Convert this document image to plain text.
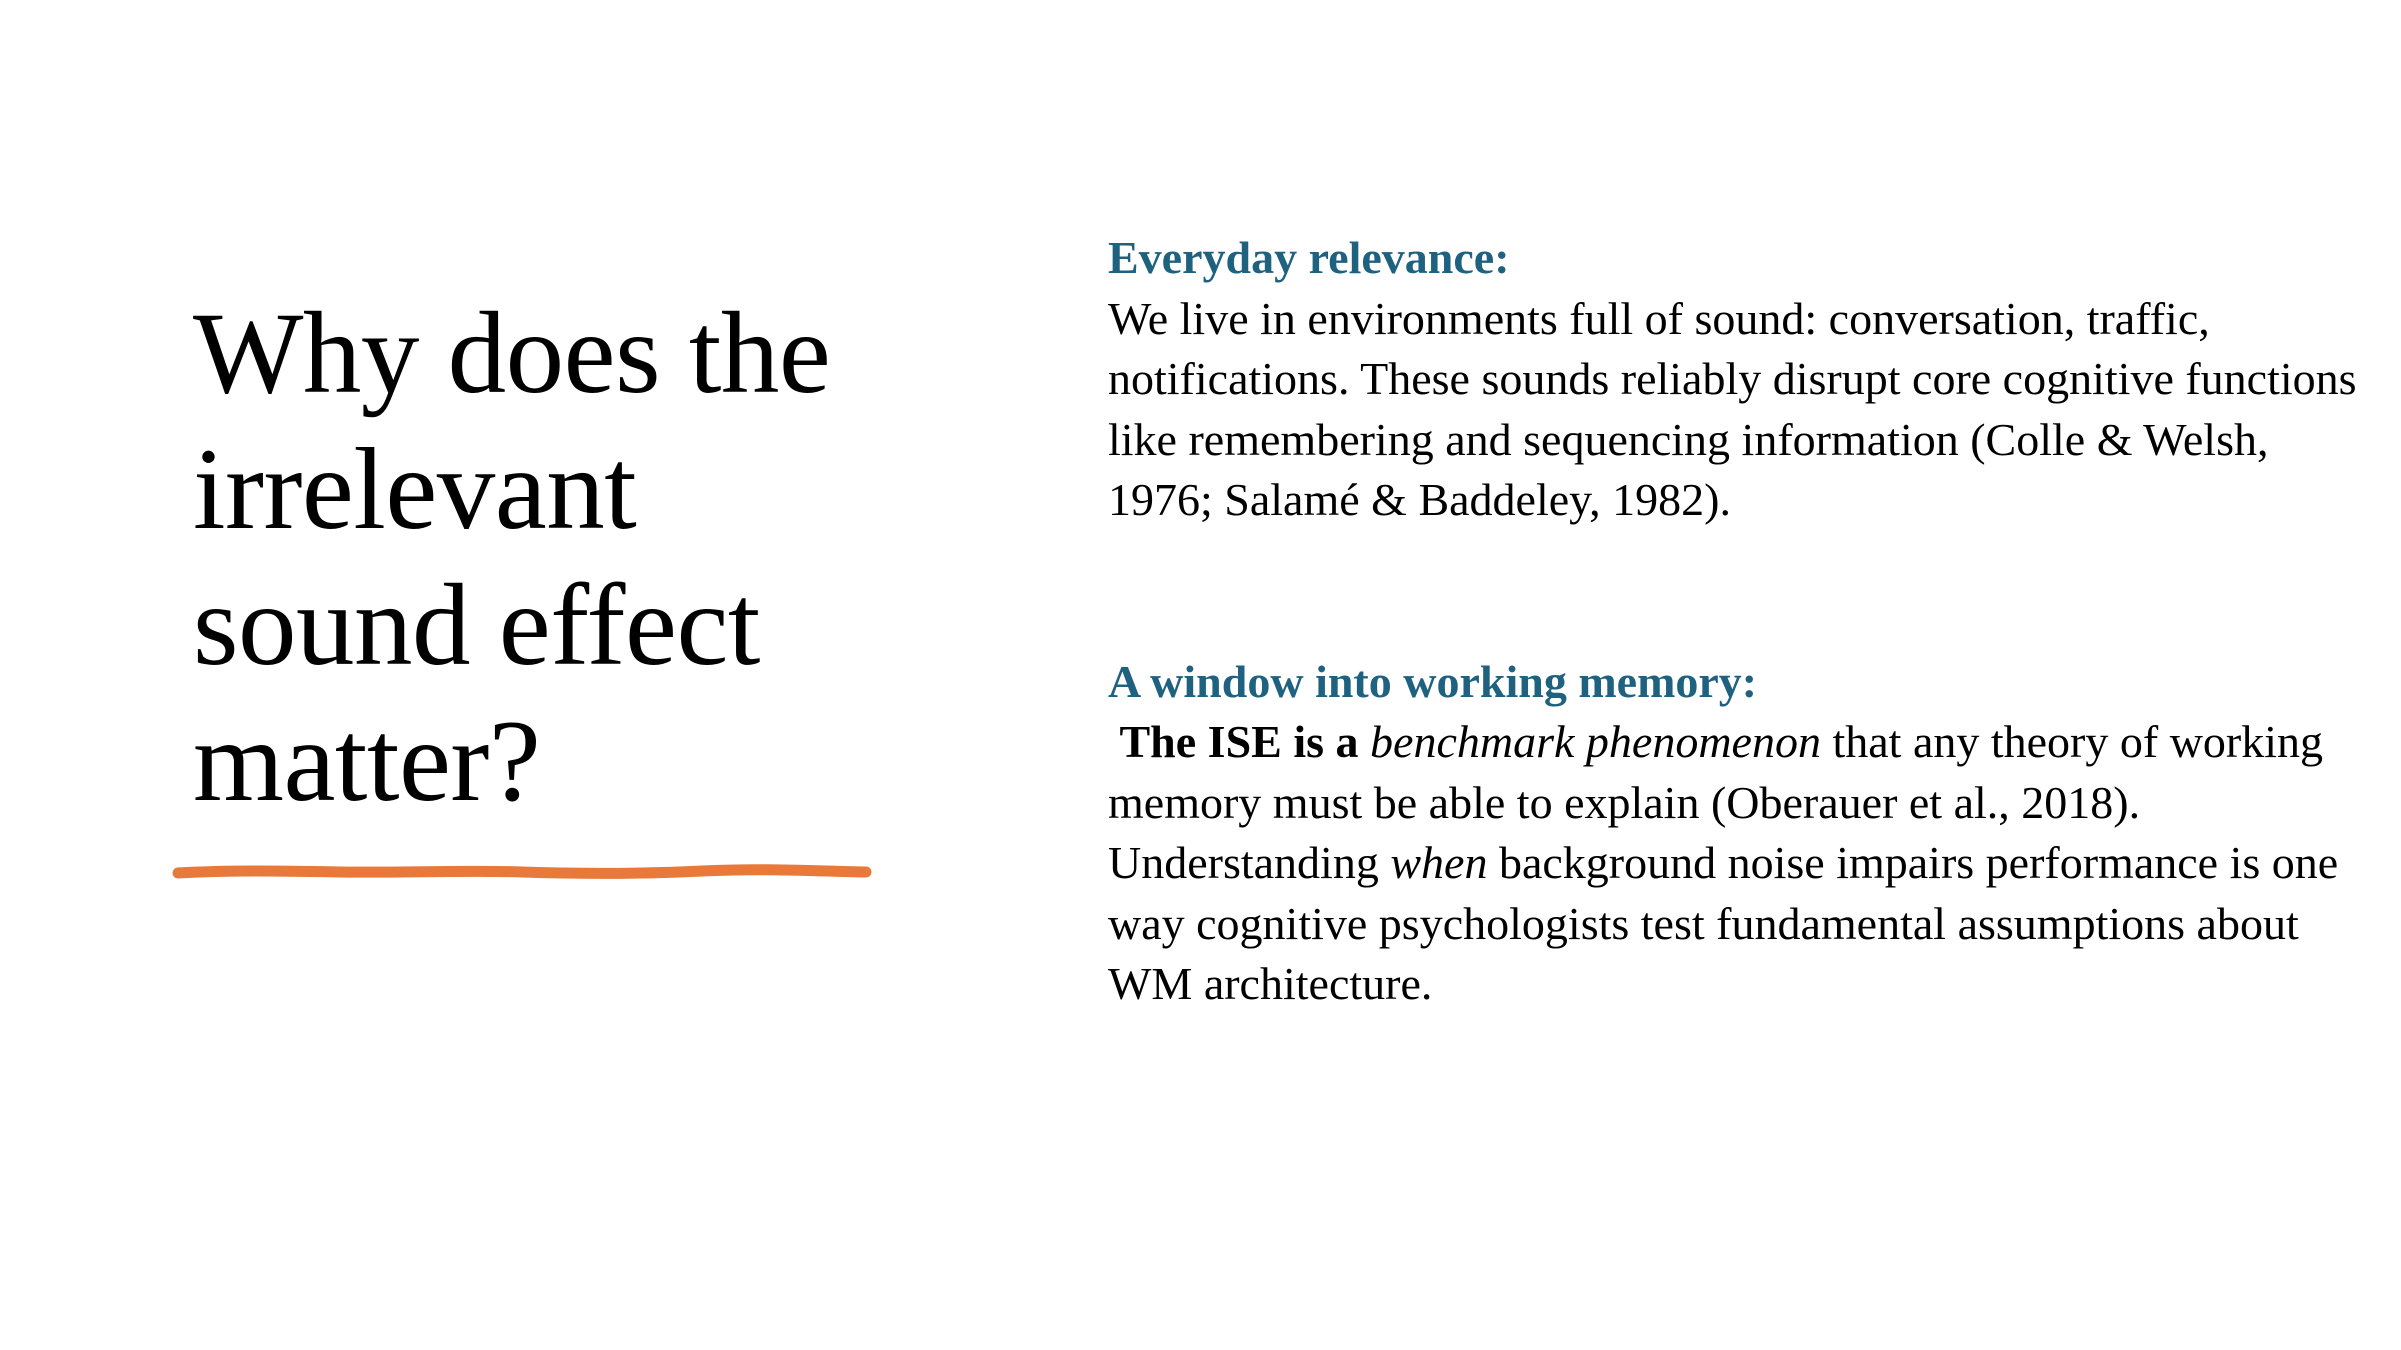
Why does the
irrelevant
sound effect
matter?
Everyday relevance:

We live in environments full of sound: conversation, traffic, notifications. These sounds reliably disrupt core cognitive functions like remembering and sequencing information (Colle & Welsh, 1976; Salamé & Baddeley, 1982).

A window into working memory:

The ISE is a benchmark phenomenon that any theory of working memory must be able to explain (Oberauer et al., 2018). Understanding when background noise impairs performance is one way cognitive psychologists test fundamental assumptions about WM architecture.
